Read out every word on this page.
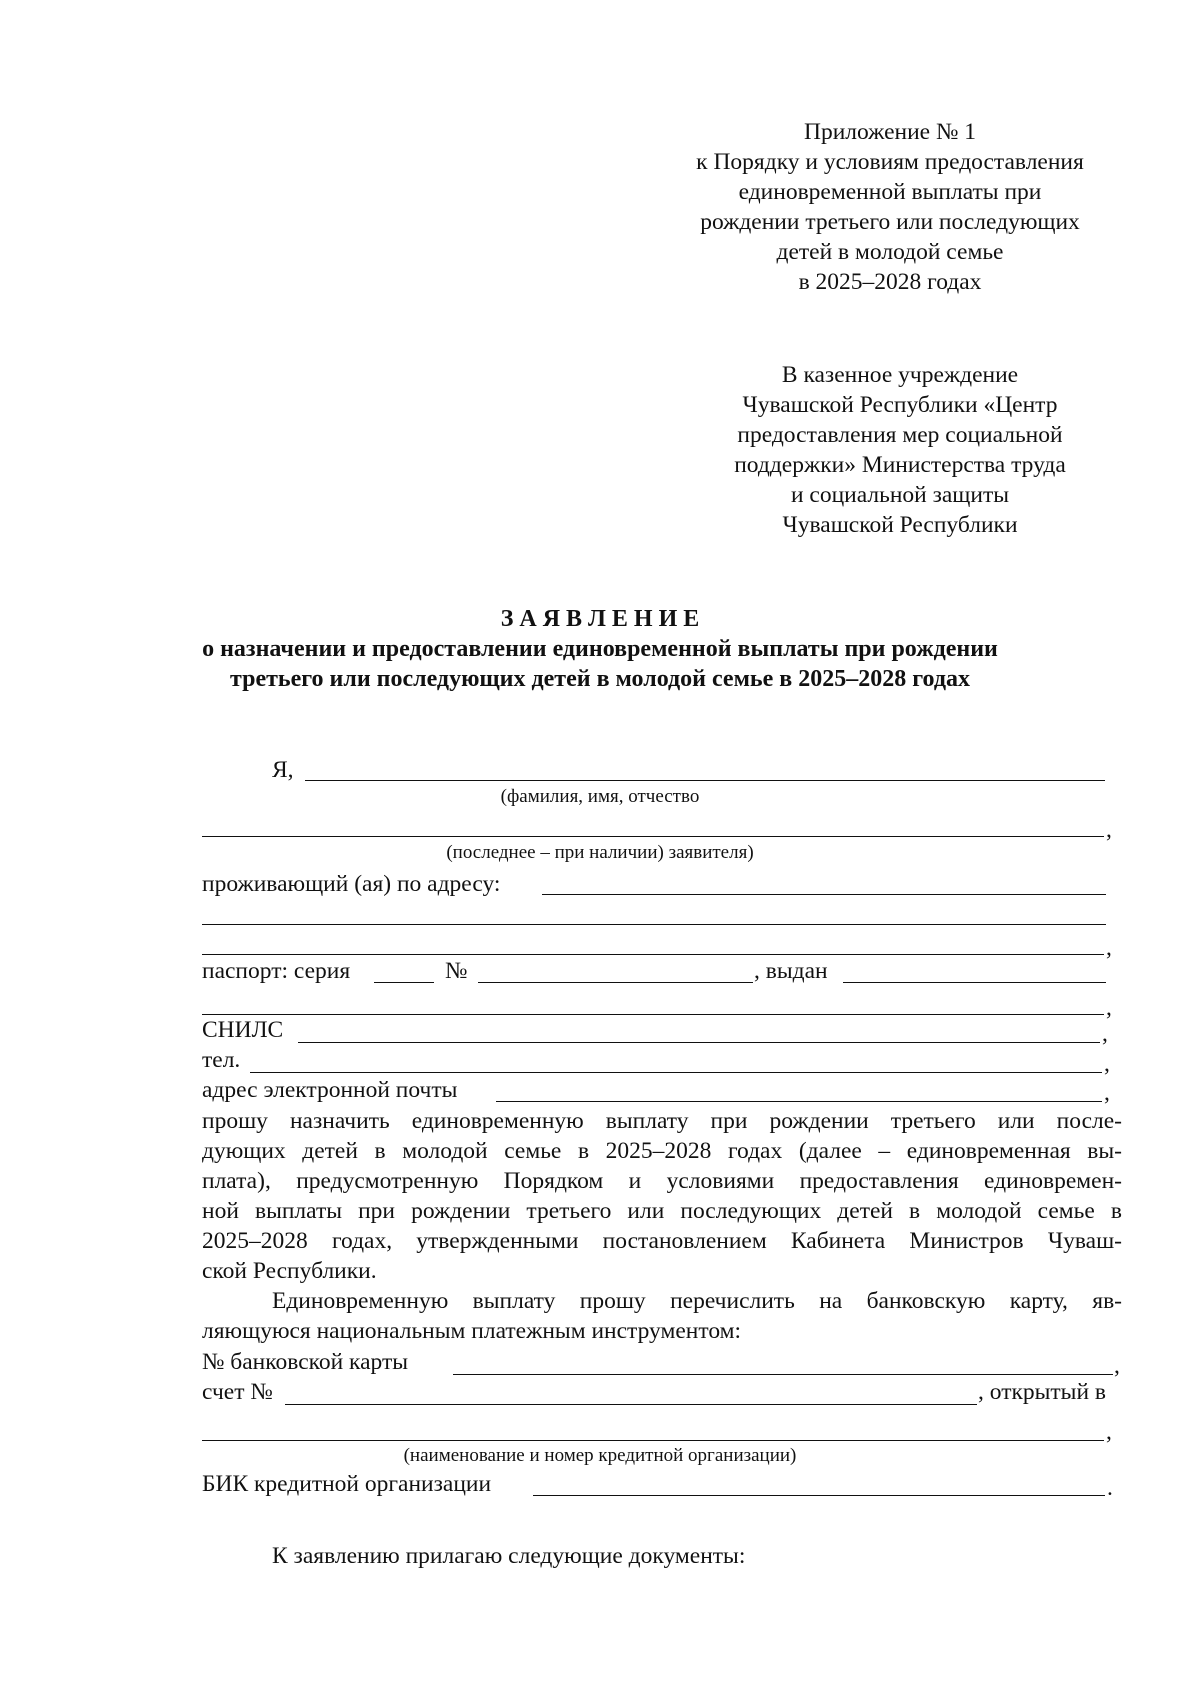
Приложение № 1
к Порядку и условиям предоставления
единовременной выплаты при
рождении третьего или последующих
детей в молодой семье
в 2025–2028 годах
В казенное учреждение
Чувашской Республики «Центр
предоставления мер социальной
поддержки» Министерства труда
и социальной защиты
Чувашской Республики
З А Я В Л Е Н И Е
о назначении и предоставлении единовременной выплаты при рождении
третьего или последующих детей в молодой семье в 2025–2028 годах
Я,
(фамилия, имя, отчество
,
(последнее – при наличии) заявителя)
проживающий (ая) по адресу:
,
паспорт: серия	№	, выдан
,
СНИЛС	,
тел.	,
адрес электронной почты	,
прошу назначить единовременную выплату при рождении третьего или после-
дующих детей в молодой семье в 2025–2028 годах (далее – единовременная вы-
плата), предусмотренную Порядком и условиями предоставления единовремен-
ной выплаты при рождении третьего или последующих детей в молодой семье в
2025–2028 годах, утвержденными постановлением Кабинета Министров Чуваш-
ской Республики.
Единовременную выплату прошу перечислить на банковскую карту, яв-
ляющуюся национальным платежным инструментом:
№ банковской карты	,
счет №	, открытый в
,
(наименование и номер кредитной организации)
БИК кредитной организации	.
К заявлению прилагаю следующие документы:
